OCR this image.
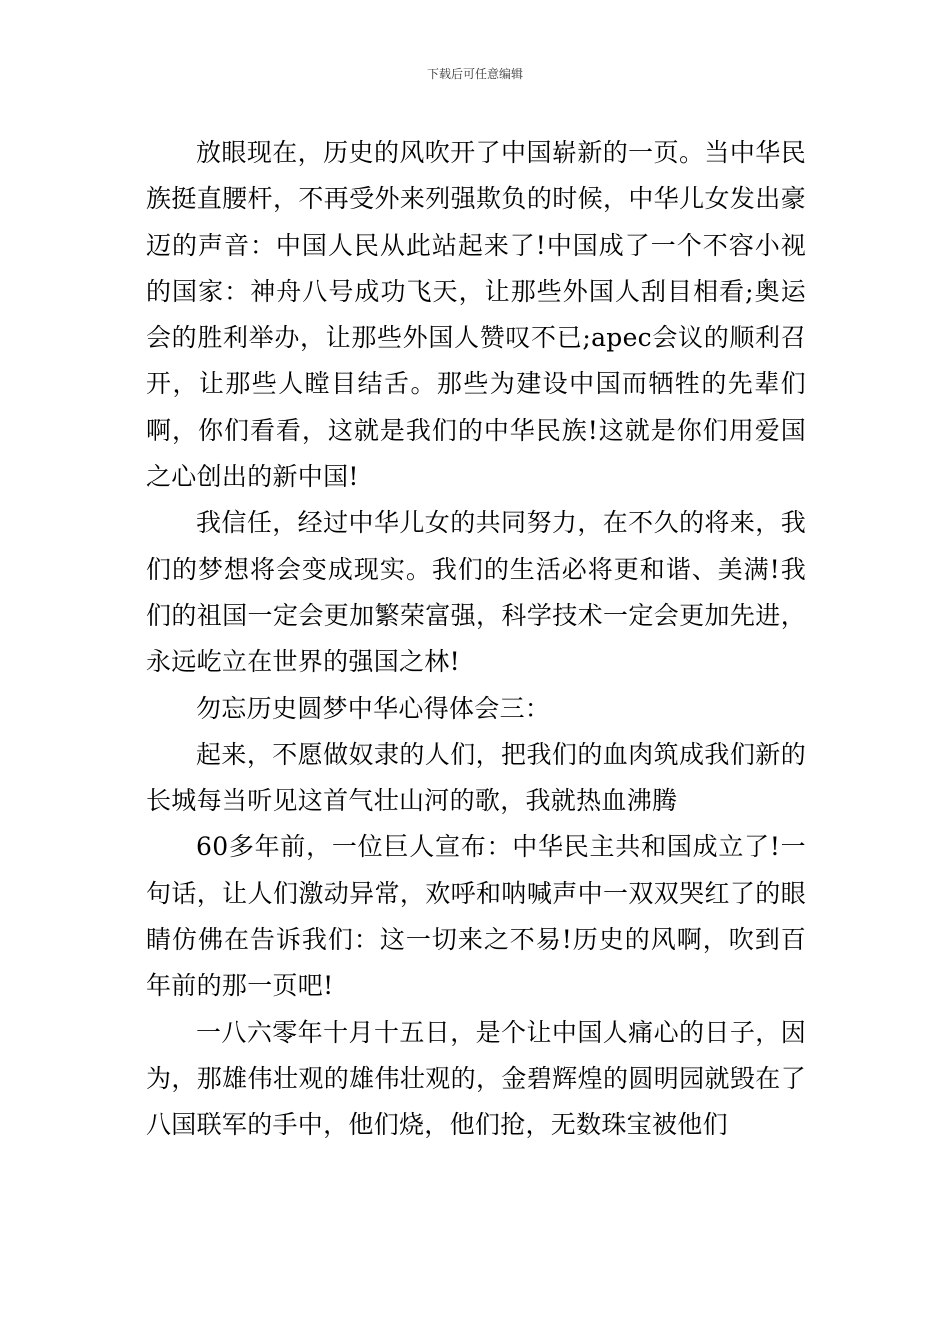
下载后可任意编辑

放眼现在，历史的风吹开了中国崭新的一页。当中华民族挺直腰杆，不再受外来列强欺负的时候，中华儿女发出豪迈的声音：中国人民从此站起来了!中国成了一个不容小视的国家：神舟八号成功飞天，让那些外国人刮目相看;奥运会的胜利举办，让那些外国人赞叹不已;apec会议的顺利召开，让那些人瞠目结舌。那些为建设中国而牺牲的先辈们啊，你们看看，这就是我们的中华民族!这就是你们用爱国之心创出的新中国!

我信任，经过中华儿女的共同努力，在不久的将来，我们的梦想将会变成现实。我们的生活必将更和谐、美满!我们的祖国一定会更加繁荣富强，科学技术一定会更加先进，永远屹立在世界的强国之林!

勿忘历史圆梦中华心得体会三：

起来，不愿做奴隶的人们，把我们的血肉筑成我们新的长城每当听见这首气壮山河的歌，我就热血沸腾

60多年前，一位巨人宣布：中华民主共和国成立了!一句话，让人们激动异常，欢呼和呐喊声中一双双哭红了的眼睛仿佛在告诉我们：这一切来之不易!历史的风啊，吹到百年前的那一页吧!

一八六零年十月十五日，是个让中国人痛心的日子，因为，那雄伟壮观的雄伟壮观的，金碧辉煌的圆明园就毁在了八国联军的手中，他们烧，他们抢，无数珠宝被他们
